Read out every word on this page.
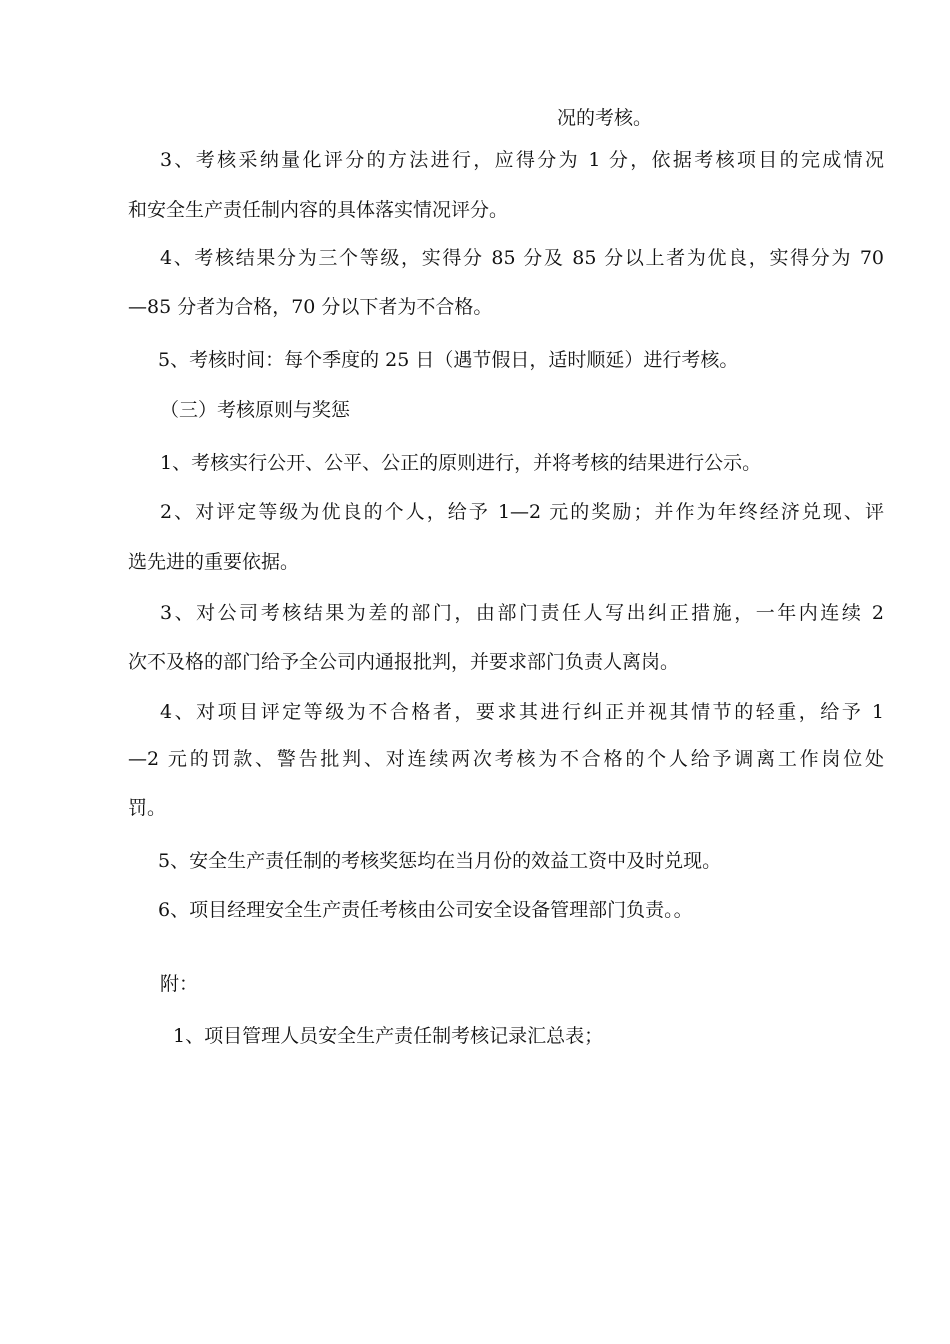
况的考核。
3、考核采纳量化评分的方法进行，应得分为 1 分，依据考核项目的完成情况
和安全生产责任制内容的具体落实情况评分。
4、考核结果分为三个等级，实得分 85 分及 85 分以上者为优良，实得分为 70
—85 分者为合格，70 分以下者为不合格。
5、考核时间：每个季度的 25 日（遇节假日，适时顺延）进行考核。
（三）考核原则与奖惩
1、考核实行公开、公平、公正的原则进行，并将考核的结果进行公示。
2、对评定等级为优良的个人，给予 1—2 元的奖励；并作为年终经济兑现、评
选先进的重要依据。
3、对公司考核结果为差的部门，由部门责任人写出纠正措施，一年内连续 2
次不及格的部门给予全公司内通报批判，并要求部门负责人离岗。
4、对项目评定等级为不合格者，要求其进行纠正并视其情节的轻重，给予 1
—2 元的罚款、警告批判、对连续两次考核为不合格的个人给予调离工作岗位处
罚。
5、安全生产责任制的考核奖惩均在当月份的效益工资中及时兑现。
6、项目经理安全生产责任考核由公司安全设备管理部门负责。。
附：
1、项目管理人员安全生产责任制考核记录汇总表；
